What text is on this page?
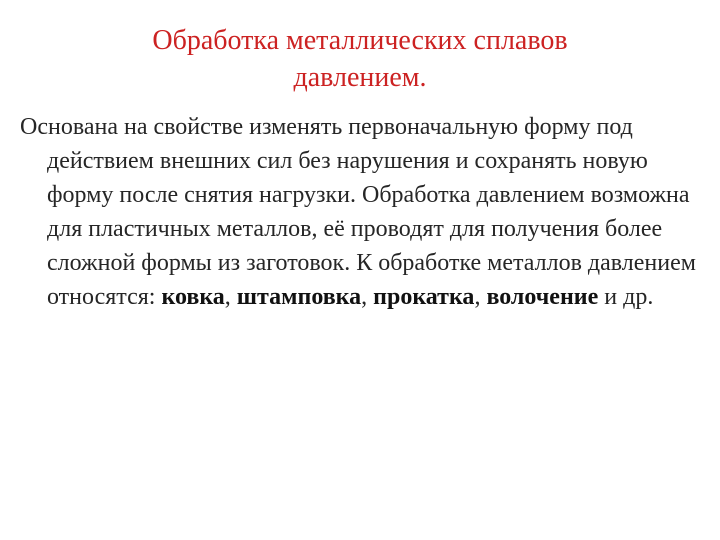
Обработка металлических сплавов
давлением.

Основана на свойстве изменять первоначальную форму под действием внешних сил без нарушения и сохранять новую форму после снятия нагрузки. Обработка давлением возможна для пластичных металлов, её проводят для получения более сложной формы из заготовок. К обработке металлов давлением относятся: ковка, штамповка, прокатка, волочение и др.
